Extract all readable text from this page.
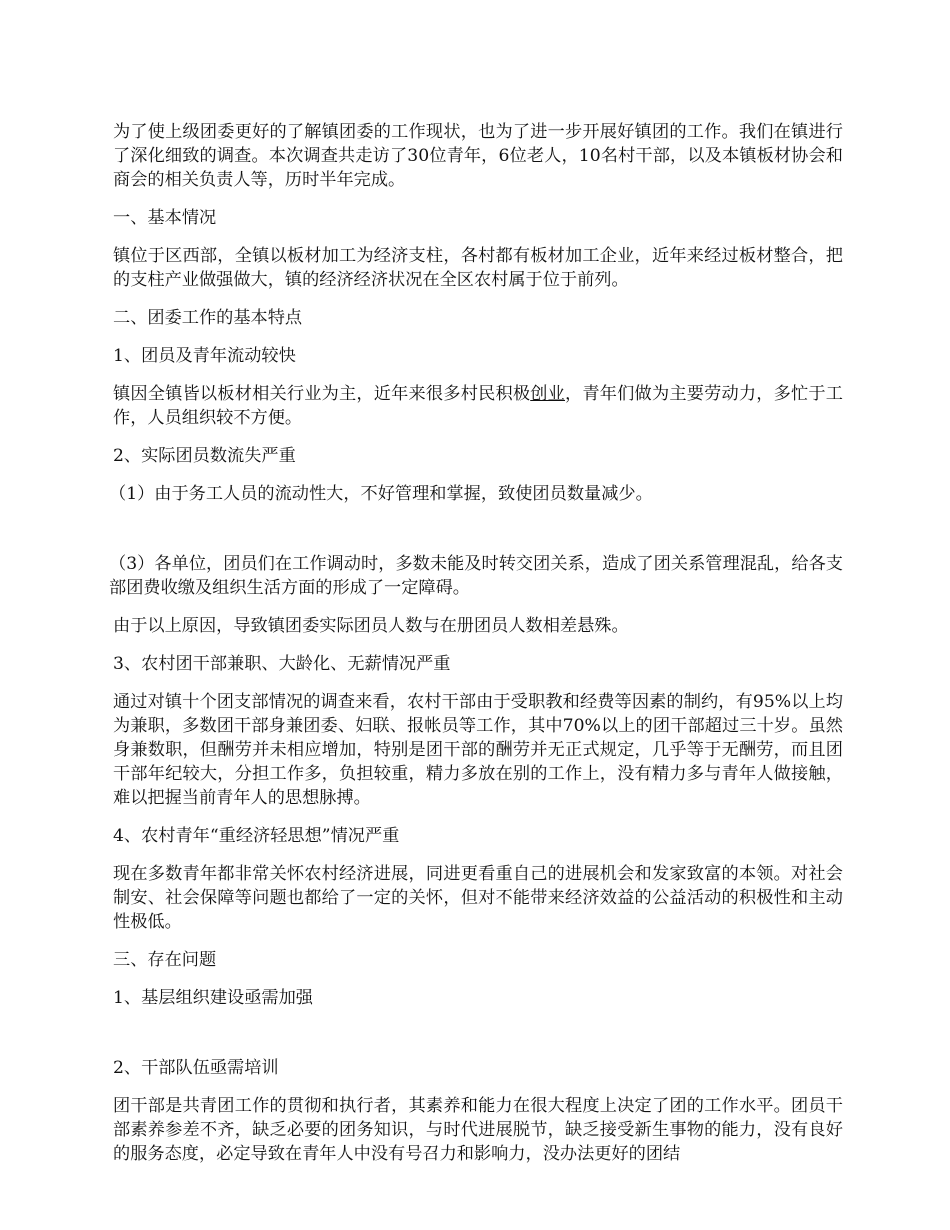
为了使上级团委更好的了解镇团委的工作现状，也为了进一步开展好镇团的工作。我们在镇进行了深化细致的调查。本次调查共走访了30位青年，6位老人，10名村干部，以及本镇板材协会和商会的相关负责人等，历时半年完成。

一、基本情况

镇位于区西部，全镇以板材加工为经济支柱，各村都有板材加工企业，近年来经过板材整合，把的支柱产业做强做大，镇的经济经济状况在全区农村属于位于前列。

二、团委工作的基本特点

1、团员及青年流动较快

镇因全镇皆以板材相关行业为主，近年来很多村民积极创业，青年们做为主要劳动力，多忙于工作，人员组织较不方便。

2、实际团员数流失严重

（1）由于务工人员的流动性大，不好管理和掌握，致使团员数量减少。

（3）各单位，团员们在工作调动时，多数未能及时转交团关系，造成了团关系管理混乱，给各支部团费收缴及组织生活方面的形成了一定障碍。

由于以上原因，导致镇团委实际团员人数与在册团员人数相差悬殊。

3、农村团干部兼职、大龄化、无薪情况严重

通过对镇十个团支部情况的调查来看，农村干部由于受职教和经费等因素的制约，有95%以上均为兼职，多数团干部身兼团委、妇联、报帐员等工作，其中70%以上的团干部超过三十岁。虽然身兼数职，但酬劳并未相应增加，特别是团干部的酬劳并无正式规定，几乎等于无酬劳，而且团干部年纪较大，分担工作多，负担较重，精力多放在别的工作上，没有精力多与青年人做接触，难以把握当前青年人的思想脉搏。

4、农村青年“重经济轻思想”情况严重

现在多数青年都非常关怀农村经济进展，同进更看重自己的进展机会和发家致富的本领。对社会制安、社会保障等问题也都给了一定的关怀，但对不能带来经济效益的公益活动的积极性和主动性极低。

三、存在问题

1、基层组织建设亟需加强

2、干部队伍亟需培训

团干部是共青团工作的贯彻和执行者，其素养和能力在很大程度上决定了团的工作水平。团员干部素养参差不齐，缺乏必要的团务知识，与时代进展脱节，缺乏接受新生事物的能力，没有良好的服务态度，必定导致在青年人中没有号召力和影响力，没办法更好的团结
